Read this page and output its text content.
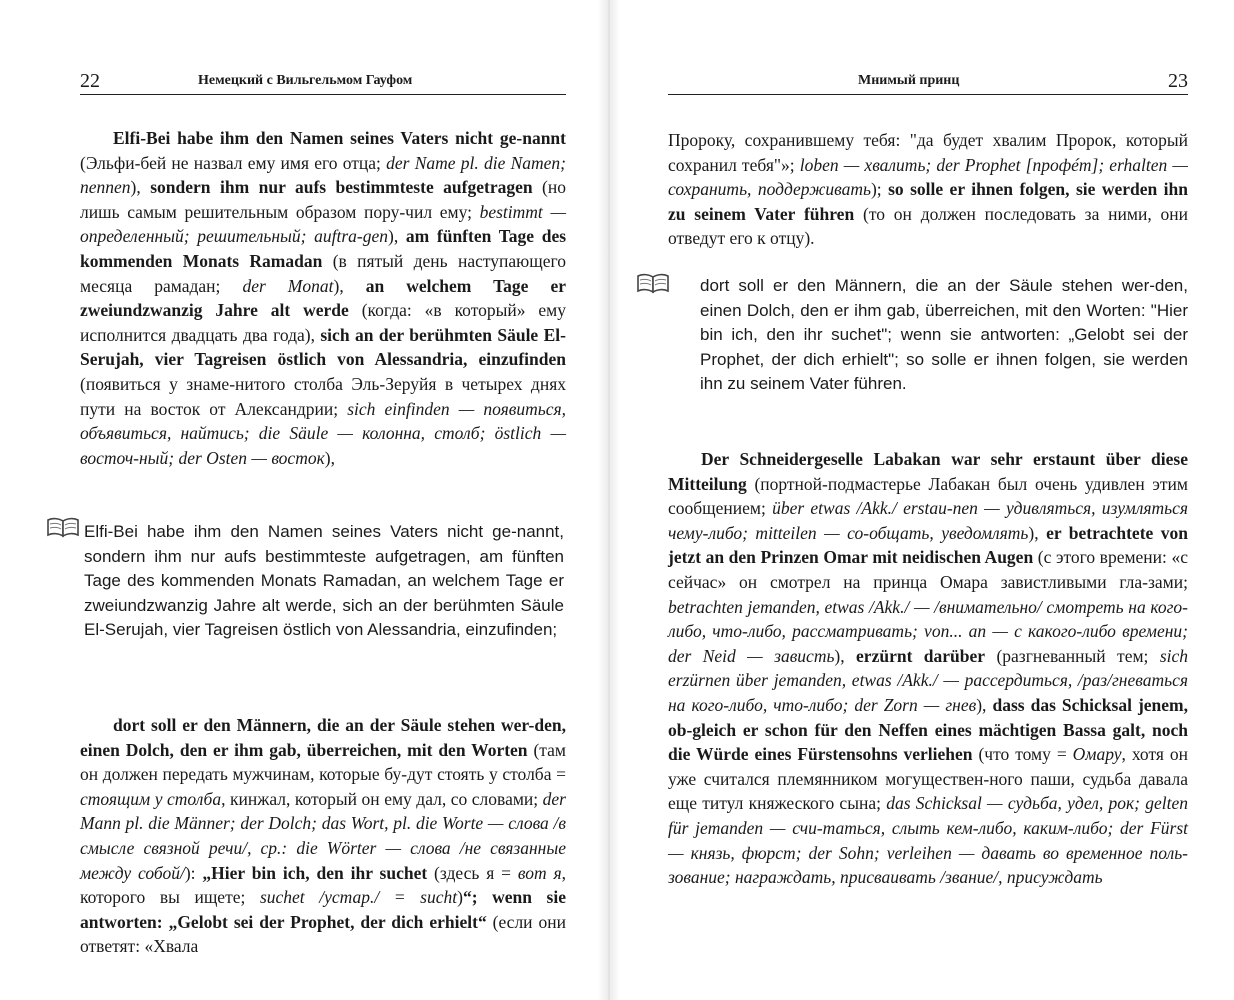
22	Немецкий с Вильгельмом Гауфом

Elfi-Bei habe ihm den Namen seines Vaters nicht ge-nannt (Эльфи-бей не назвал ему имя его отца; der Name pl. die Namen; nennen), sondern ihm nur aufs bestimmteste aufgetragen (но лишь самым решительным образом пору-чил ему; bestimmt — определенный; решительный; auftra-gen), am fünften Tage des kommenden Monats Ramadan (в пятый день наступающего месяца рамадан; der Monat), an welchem Tage er zweiundzwanzig Jahre alt werde (когда: «в который» ему исполнится двадцать два года), sich an der berühmten Säule El-Serujah, vier Tagreisen östlich von Alessandria, einzufinden (появиться у знаме-нитого столба Эль-Зеруйя в четырех днях пути на восток от Александрии; sich einfinden — появиться, объявиться, найтись; die Säule — колонна, столб; östlich — восточ-ный; der Osten — восток),

Elfi-Bei habe ihm den Namen seines Vaters nicht ge-nannt, sondern ihm nur aufs bestimmteste aufgetragen, am fünften Tage des kommenden Monats Ramadan, an welchem Tage er zweiundzwanzig Jahre alt werde, sich an der berühmten Säule El-Serujah, vier Tagreisen östlich von Alessandria, einzufinden;

dort soll er den Männern, die an der Säule stehen wer-den, einen Dolch, den er ihm gab, überreichen, mit den Worten (там он должен передать мужчинам, которые бу-дут стоять у столба = стоящим у столба, кинжал, который он ему дал, со словами; der Mann pl. die Männer; der Dolch; das Wort, pl. die Worte — слова /в смысле связной речи/, ср.: die Wörter — слова /не связанные между собой/): „Hier bin ich, den ihr suchet (здесь я = вот я, которого вы ищете; suchet /устар./ = sucht)“; wenn sie antworten: „Gelobt sei der Prophet, der dich erhielt“ (если они ответят: «Хвала

Мнимый принц	23

Пророку, сохранившему тебя: "да будет хвалим Пророк, который сохранил тебя"»; loben — хвалить; der Prophet [профéт]; erhalten — сохранить, поддерживать); so solle er ihnen folgen, sie werden ihn zu seinem Vater führen (то он должен последовать за ними, они отведут его к отцу).

dort soll er den Männern, die an der Säule stehen wer-den, einen Dolch, den er ihm gab, überreichen, mit den Worten: "Hier bin ich, den ihr suchet"; wenn sie antworten: „Gelobt sei der Prophet, der dich erhielt"; so solle er ihnen folgen, sie werden ihn zu seinem Vater führen.

Der Schneidergeselle Labakan war sehr erstaunt über diese Mitteilung (портной-подмастерье Лабакан был очень удивлен этим сообщением; über etwas /Akk./ erstau-nen — удивляться, изумляться чему-либо; mitteilen — со-общать, уведомлять), er betrachtete von jetzt an den Prinzen Omar mit neidischen Augen (с этого времени: «с сейчас» он смотрел на принца Омара завистливыми гла-зами; betrachten jemanden, etwas /Akk./ — /внимательно/ смотреть на кого-либо, что-либо, рассматривать; von... an — с какого-либо времени; der Neid — зависть), erzürnt darüber (разгневанный тем; sich erzürnen über jemanden, etwas /Akk./ — рассердиться, /раз/гневаться на кого-либо, что-либо; der Zorn — гнев), dass das Schicksal jenem, ob-gleich er schon für den Neffen eines mächtigen Bassa galt, noch die Würde eines Fürstensohns verliehen (что тому = Омару, хотя он уже считался племянником могуществен-ного паши, судьба давала еще титул княжеского сына; das Schicksal — судьба, удел, рок; gelten für jemanden — счи-таться, слыть кем-либо, каким-либо; der Fürst — князь, фюрст; der Sohn; verleihen — давать во временное поль-зование; награждать, присваивать /звание/, присуждать
